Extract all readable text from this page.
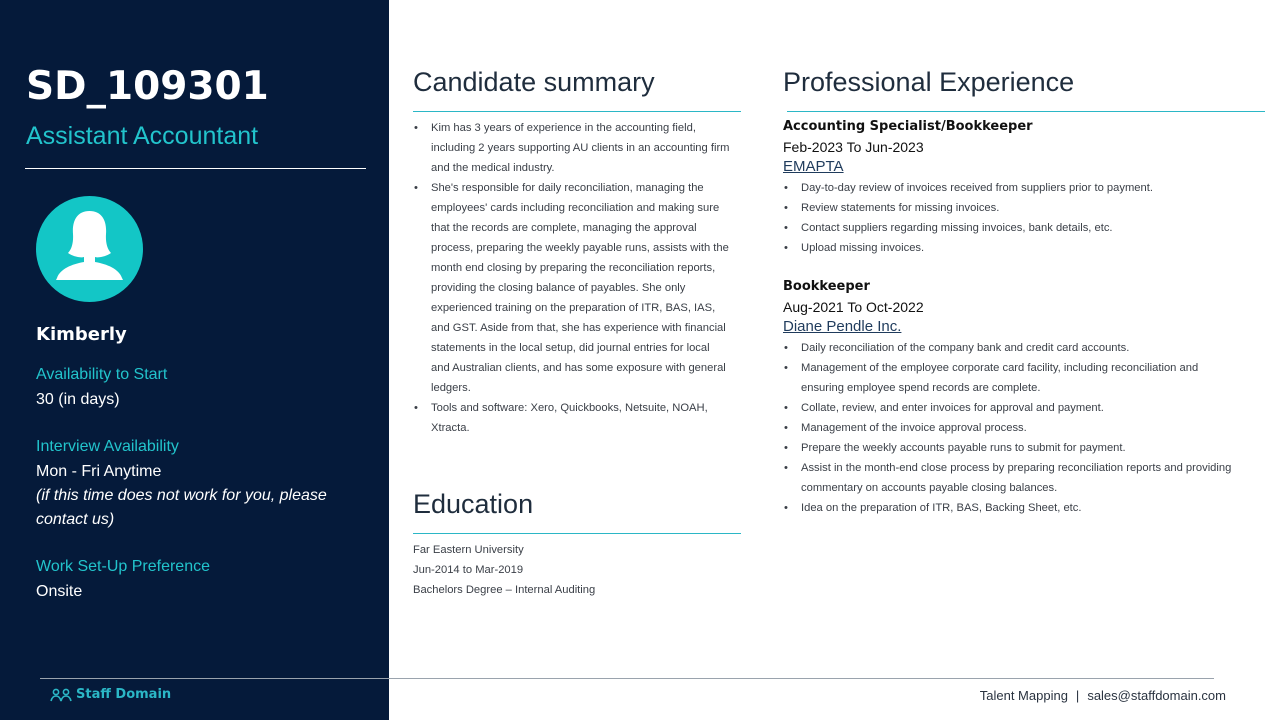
SD_109301
Assistant Accountant
Kimberly
Availability to Start
30 (in days)
Interview Availability
Mon - Fri Anytime
(if this time does not work for you, please contact us)
Work Set-Up Preference
Onsite
Candidate summary
• Kim has 3 years of experience in the accounting field, including 2 years supporting AU clients in an accounting firm and the medical industry.
• She's responsible for daily reconciliation, managing the employees' cards including reconciliation and making sure that the records are complete, managing the approval process, preparing the weekly payable runs, assists with the month end closing by preparing the reconciliation reports, providing the closing balance of payables. She only experienced training on the preparation of ITR, BAS, IAS, and GST. Aside from that, she has experience with financial statements in the local setup, did journal entries for local and Australian clients, and has some exposure with general ledgers.
• Tools and software: Xero, Quickbooks, Netsuite, NOAH, Xtracta.
Education
Far Eastern University
Jun-2014 to Mar-2019
Bachelors Degree – Internal Auditing
Professional Experience
Accounting Specialist/Bookkeeper
Feb-2023 To Jun-2023
EMAPTA
• Day-to-day review of invoices received from suppliers prior to payment.
• Review statements for missing invoices.
• Contact suppliers regarding missing invoices, bank details, etc.
• Upload missing invoices.
Bookkeeper
Aug-2021 To Oct-2022
Diane Pendle Inc.
• Daily reconciliation of the company bank and credit card accounts.
• Management of the employee corporate card facility, including reconciliation and ensuring employee spend records are complete.
• Collate, review, and enter invoices for approval and payment.
• Management of the invoice approval process.
• Prepare the weekly accounts payable runs to submit for payment.
• Assist in the month-end close process by preparing reconciliation reports and providing commentary on accounts payable closing balances.
• Idea on the preparation of ITR, BAS, Backing Sheet, etc.
Staff Domain	Talent Mapping | sales@staffdomain.com
